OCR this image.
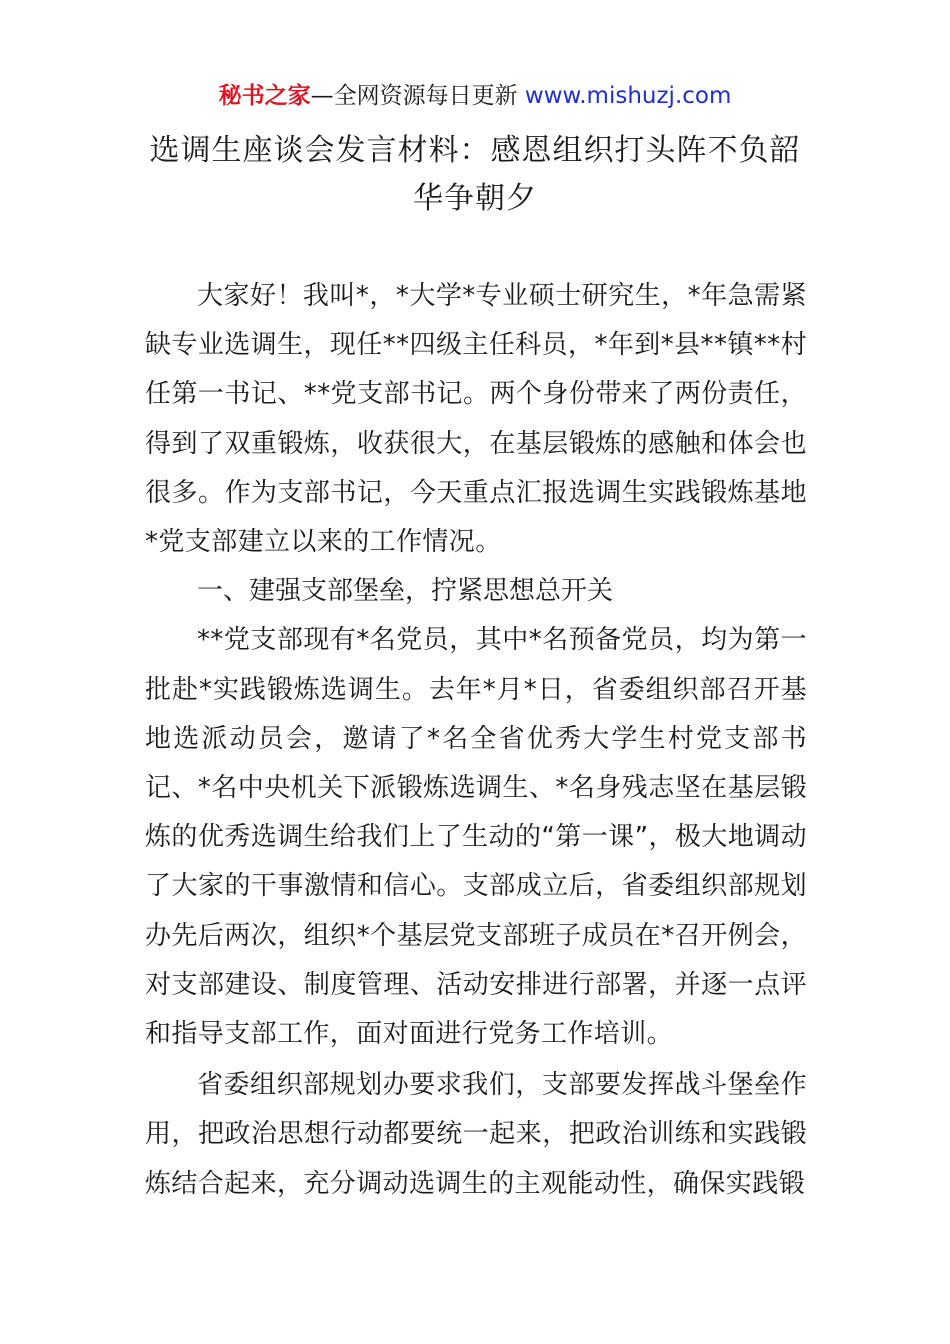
秘书之家—全网资源每日更新 www.mishuzj.com
选调生座谈会发言材料：感恩组织打头阵不负韶华争朝夕

大家好！我叫*，*大学*专业硕士研究生，*年急需紧缺专业选调生，现任**四级主任科员，*年到*县**镇**村任第一书记、**党支部书记。两个身份带来了两份责任，得到了双重锻炼，收获很大，在基层锻炼的感触和体会也很多。作为支部书记，今天重点汇报选调生实践锻炼基地*党支部建立以来的工作情况。

一、建强支部堡垒，拧紧思想总开关

**党支部现有*名党员，其中*名预备党员，均为第一批赴*实践锻炼选调生。去年*月*日，省委组织部召开基地选派动员会，邀请了*名全省优秀大学生村党支部书记、*名中央机关下派锻炼选调生、*名身残志坚在基层锻炼的优秀选调生给我们上了生动的“第一课”，极大地调动了大家的干事激情和信心。支部成立后，省委组织部规划办先后两次，组织*个基层党支部班子成员在*召开例会，对支部建设、制度管理、活动安排进行部署，并逐一点评和指导支部工作，面对面进行党务工作培训。

省委组织部规划办要求我们，支部要发挥战斗堡垒作用，把政治思想行动都要统一起来，把政治训练和实践锻炼结合起来，充分调动选调生的主观能动性，确保实践锻
